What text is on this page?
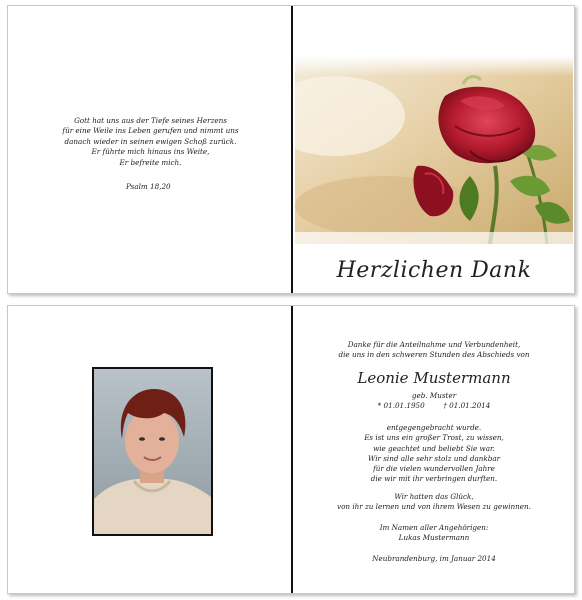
Gott hat uns aus der Tiefe seines Herzens
für eine Weile ins Leben gerufen und nimmt uns
danach wieder in seinen ewigen Schoß zurück.
Er führte mich hinaus ins Weite,
Er befreite mich.
Psalm 18,20
Herzlichen Dank
Danke für die Anteilnahme und Verbundenheit,
die uns in den schweren Stunden des Abschieds von
Leonie Mustermann
geb. Muster
* 01.01.1950	† 01.01.2014
entgegengebracht wurde.
Es ist uns ein großer Trost, zu wissen,
wie geachtet und beliebt Sie war.
Wir sind alle sehr stolz und dankbar
für die vielen wundervollen Jahre
die wir mit ihr verbringen durften.
Wir hatten das Glück,
von ihr zu lernen und von ihrem Wesen zu gewinnen.
Im Namen aller Angehörigen:
Lukas Mustermann
Neubrandenburg, im Januar 2014
